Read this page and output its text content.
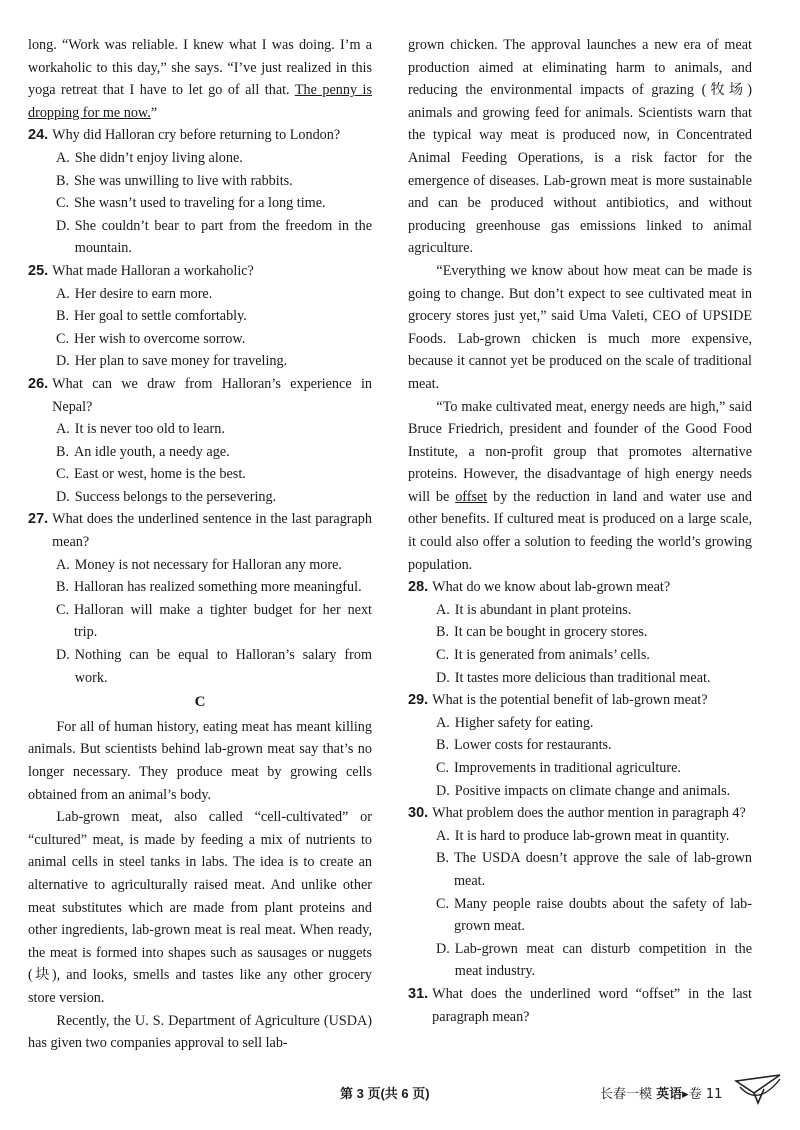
long. “Work was reliable. I knew what I was doing. I’m a workaholic to this day,” she says. “I’ve just realized in this yoga retreat that I have to let go of all that. The penny is dropping for me now.”

24. Why did Halloran cry before returning to London?
A. She didn’t enjoy living alone.
B. She was unwilling to live with rabbits.
C. She wasn’t used to traveling for a long time.
D. She couldn’t bear to part from the freedom in the mountain.
25. What made Halloran a workaholic?
A. Her desire to earn more.
B. Her goal to settle comfortably.
C. Her wish to overcome sorrow.
D. Her plan to save money for traveling.
26. What can we draw from Halloran’s experience in Nepal?
A. It is never too old to learn.
B. An idle youth, a needy age.
C. East or west, home is the best.
D. Success belongs to the persevering.
27. What does the underlined sentence in the last paragraph mean?
A. Money is not necessary for Halloran any more.
B. Halloran has realized something more meaningful.
C. Halloran will make a tighter budget for her next trip.
D. Nothing can be equal to Halloran’s salary from work.
C

For all of human history, eating meat has meant killing animals. But scientists behind lab-grown meat say that’s no longer necessary. They produce meat by growing cells obtained from an animal’s body.

Lab-grown meat, also called “cell-cultivated” or “cultured” meat, is made by feeding a mix of nutrients to animal cells in steel tanks in labs. The idea is to create an alternative to agriculturally raised meat. And unlike other meat substitutes which are made from plant proteins and other ingredients, lab-grown meat is real meat. When ready, the meat is formed into shapes such as sausages or nuggets (块), and looks, smells and tastes like any other grocery store version.

Recently, the U. S. Department of Agriculture (USDA) has given two companies approval to sell lab-

grown chicken. The approval launches a new era of meat production aimed at eliminating harm to animals, and reducing the environmental impacts of grazing (牧场) animals and growing feed for animals. Scientists warn that the typical way meat is produced now, in Concentrated Animal Feeding Operations, is a risk factor for the emergence of diseases. Lab-grown meat is more sustainable and can be produced without antibiotics, and without producing greenhouse gas emissions linked to animal agriculture.

“Everything we know about how meat can be made is going to change. But don’t expect to see cultivated meat in grocery stores just yet,” said Uma Valeti, CEO of UPSIDE Foods. Lab-grown chicken is much more expensive, because it cannot yet be produced on the scale of traditional meat.

“To make cultivated meat, energy needs are high,” said Bruce Friedrich, president and founder of the Good Food Institute, a non-profit group that promotes alternative proteins. However, the disadvantage of high energy needs will be offset by the reduction in land and water use and other benefits. If cultured meat is produced on a large scale, it could also offer a solution to feeding the world’s growing population.

28. What do we know about lab-grown meat?
A. It is abundant in plant proteins.
B. It can be bought in grocery stores.
C. It is generated from animals’ cells.
D. It tastes more delicious than traditional meat.
29. What is the potential benefit of lab-grown meat?
A. Higher safety for eating.
B. Lower costs for restaurants.
C. Improvements in traditional agriculture.
D. Positive impacts on climate change and animals.
30. What problem does the author mention in paragraph 4?
A. It is hard to produce lab-grown meat in quantity.
B. The USDA doesn’t approve the sale of lab-grown meat.
C. Many people raise doubts about the safety of lab-grown meat.
D. Lab-grown meat can disturb competition in the meat industry.
31. What does the underlined word “offset” in the last paragraph mean?
第 3 页(共 6 页)	长春一模 英语▸卷 11
